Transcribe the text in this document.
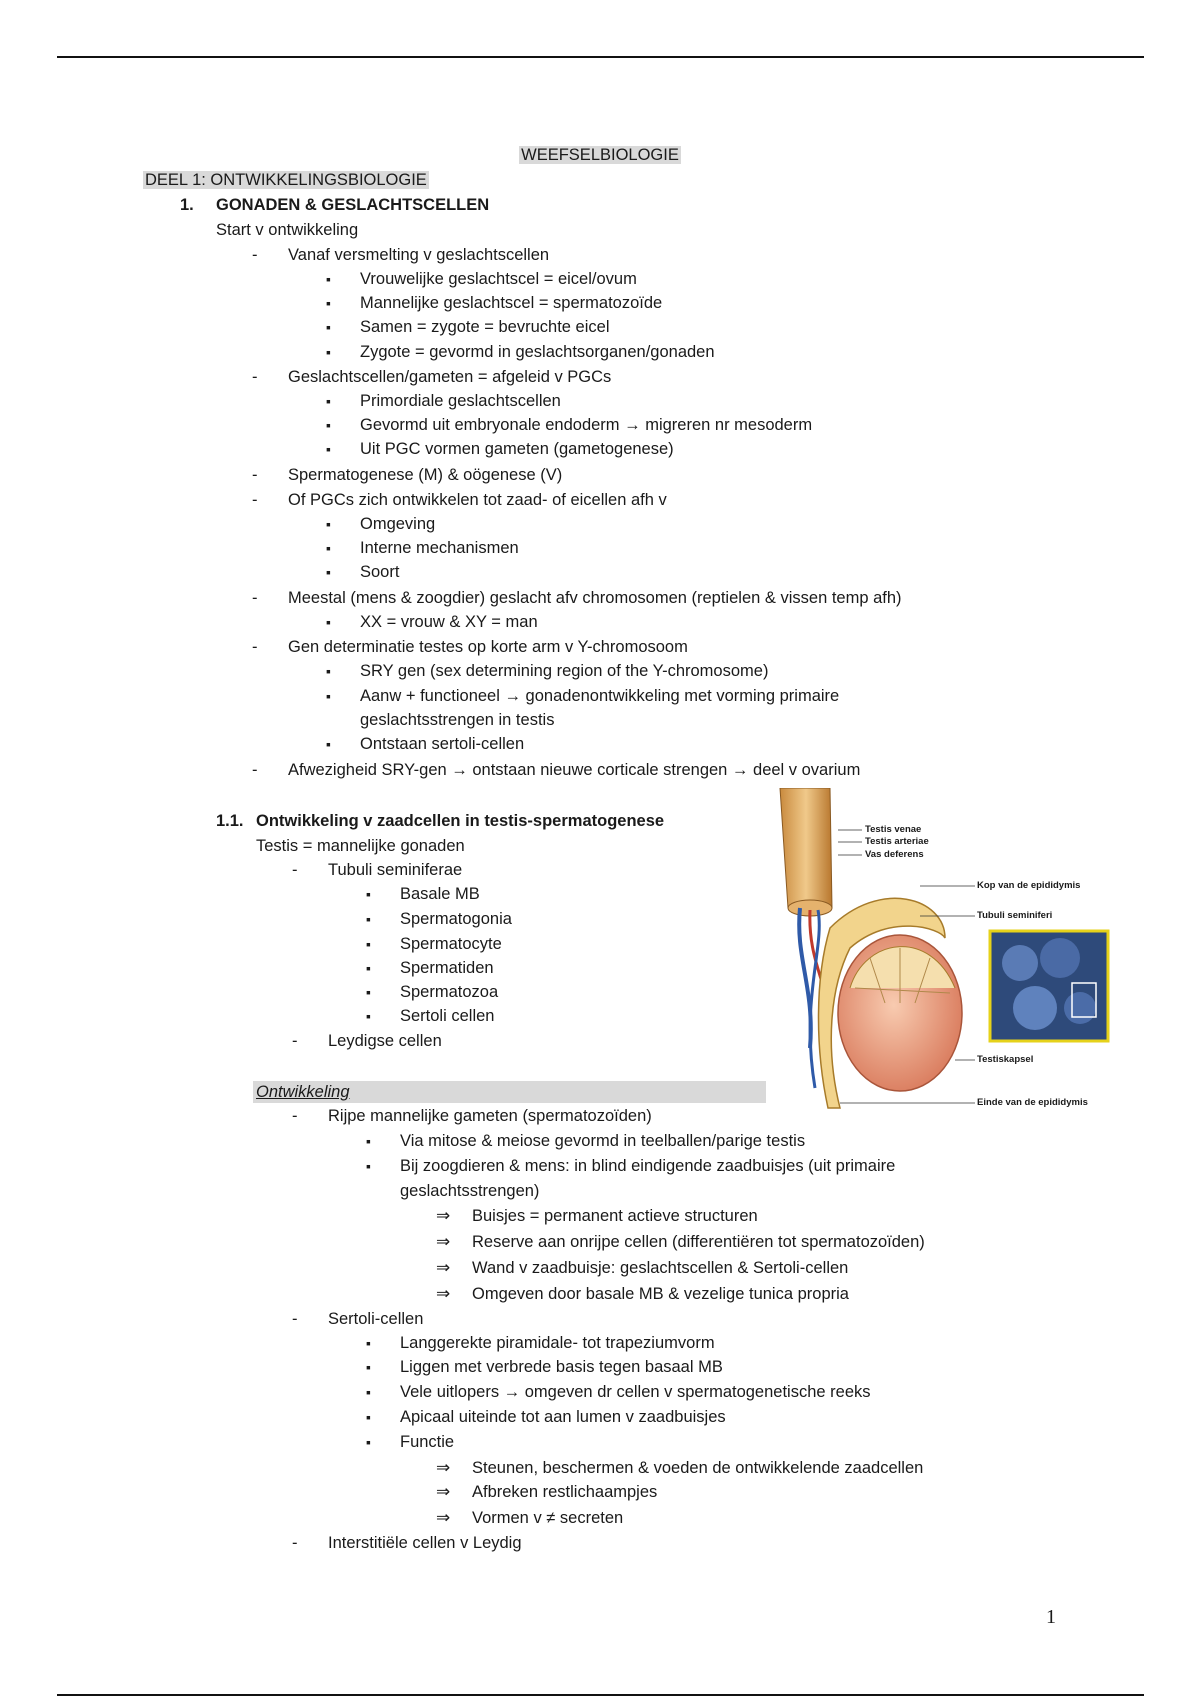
WEEFSELBIOLOGIE
DEEL 1: ONTWIKKELINGSBIOLOGIE
1. GONADEN & GESLACHTSCELLEN
Start v ontwikkeling
- Vanaf versmelting v geslachtscellen
▪ Vrouwelijke geslachtscel = eicel/ovum
▪ Mannelijke geslachtscel = spermatozoïde
▪ Samen = zygote = bevruchte eicel
▪ Zygote = gevormd in geslachtsorganen/gonaden
- Geslachtscellen/gameten = afgeleid v PGCs
▪ Primordiale geslachtscellen
▪ Gevormd uit embryonale endoderm → migreren nr mesoderm
▪ Uit PGC vormen gameten (gametogenese)
- Spermatogenese (M) & oögenese (V)
- Of PGCs zich ontwikkelen tot zaad- of eicellen afh v
▪ Omgeving
▪ Interne mechanismen
▪ Soort
- Meestal (mens & zoogdier) geslacht afv chromosomen (reptielen & vissen temp afh)
▪ XX = vrouw & XY = man
- Gen determinatie testes op korte arm v Y-chromosoom
▪ SRY gen (sex determining region of the Y-chromosome)
▪ Aanw + functioneel → gonadenontwikkeling met vorming primaire
geslachtsstrengen in testis
▪ Ontstaan sertoli-cellen
- Afwezigheid SRY-gen → ontstaan nieuwe corticale strengen → deel v ovarium
1.1. Ontwikkeling v zaadcellen in testis-spermatogenese
Testis = mannelijke gonaden
- Tubuli seminiferae
▪ Basale MB
▪ Spermatogonia
▪ Spermatocyte
▪ Spermatiden
▪ Spermatozoa
▪ Sertoli cellen
- Leydigse cellen
Ontwikkeling
- Rijpe mannelijke gameten (spermatozoïden)
▪ Via mitose & meiose gevormd in teelballen/parige testis
▪ Bij zoogdieren & mens: in blind eindigende zaadbuisjes (uit primaire
geslachtsstrengen)
⇒ Buisjes = permanent actieve structuren
⇒ Reserve aan onrijpe cellen (differentiëren tot spermatozoïden)
⇒ Wand v zaadbuisje: geslachtscellen & Sertoli-cellen
⇒ Omgeven door basale MB & vezelige tunica propria
- Sertoli-cellen
▪ Langgerekte piramidale- tot trapeziumvorm
▪ Liggen met verbrede basis tegen basaal MB
▪ Vele uitlopers → omgeven dr cellen v spermatogenetische reeks
▪ Apicaal uiteinde tot aan lumen v zaadbuisjes
▪ Functie
⇒ Steunen, beschermen & voeden de ontwikkelende zaadcellen
⇒ Afbreken restlichaampjes
⇒ Vormen v ≠ secreten
- Interstitiële cellen v Leydig
Testis venae
Testis arteriae
Vas deferens
Kop van de epididymis
Tubuli seminiferi
Testiskapsel
Einde van de epididymis
1
